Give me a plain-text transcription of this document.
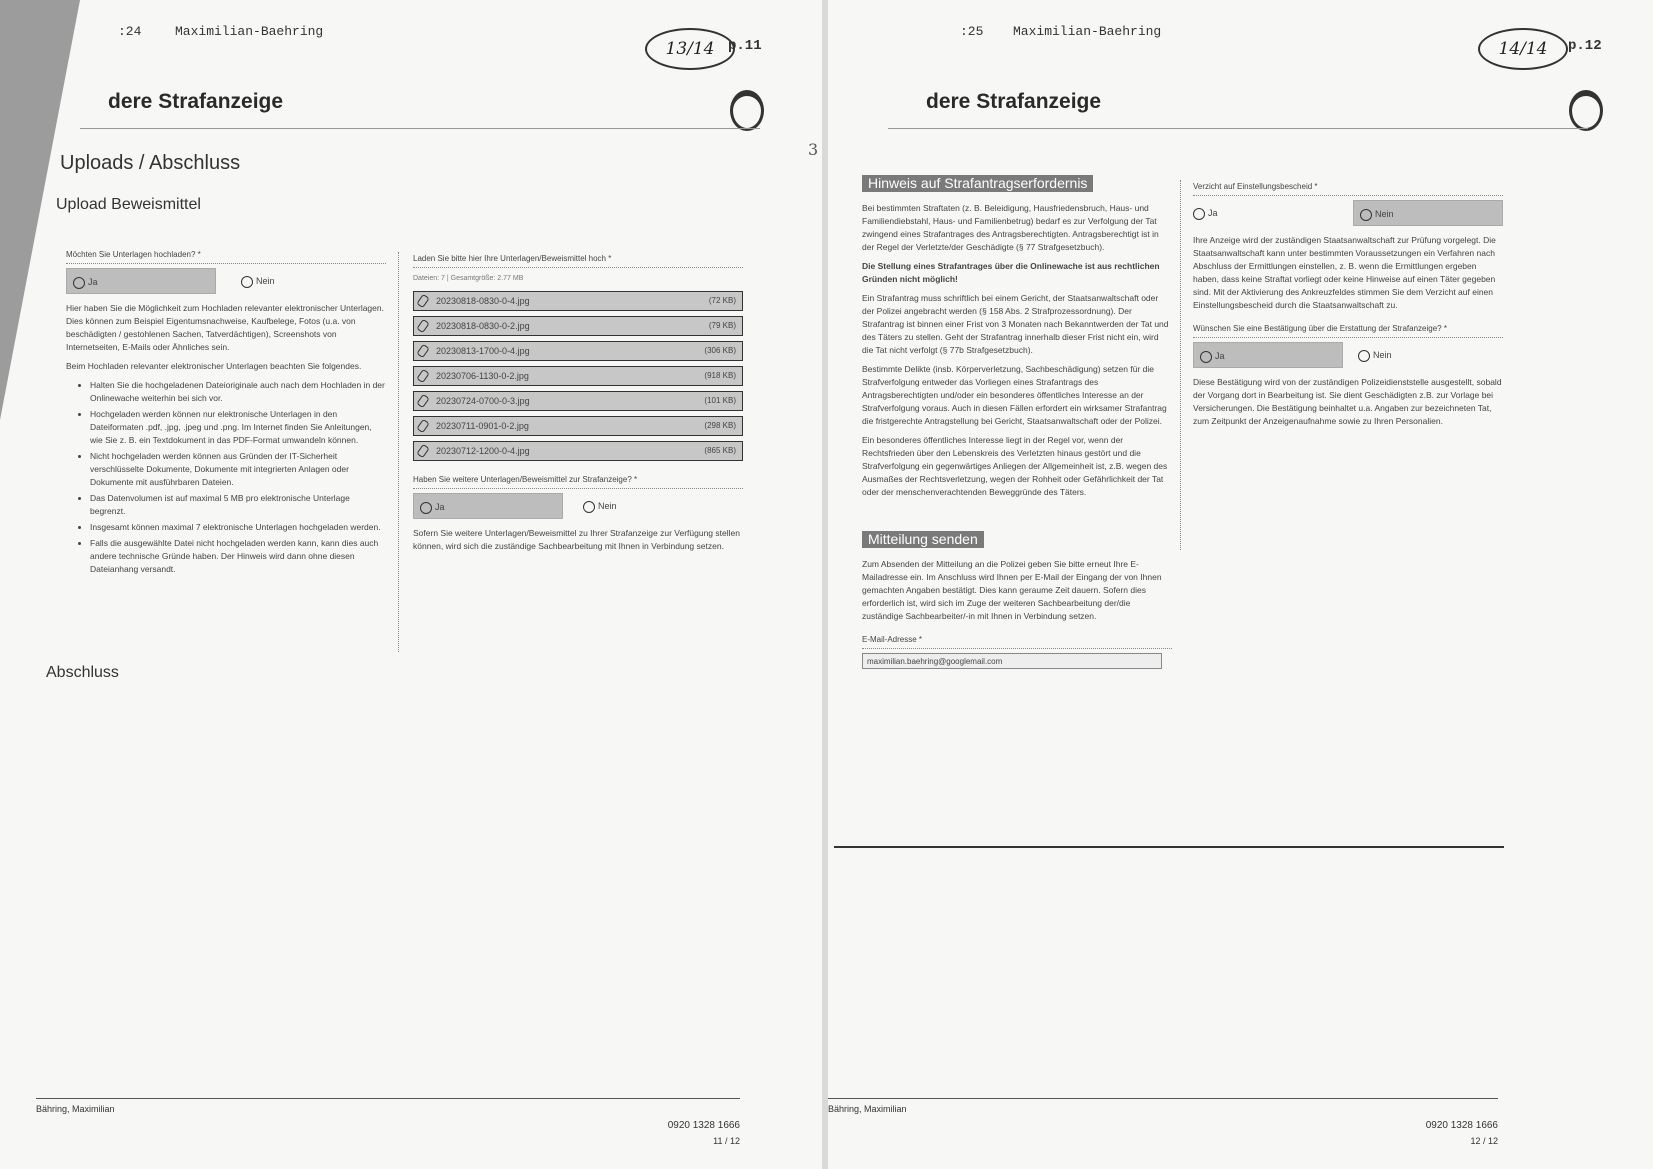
:24	Maximilian-Baehring
13/14 p.11
dere Strafanzeige
Uploads / Abschluss
Upload Beweismittel
Möchten Sie Unterlagen hochladen? *
Ja	Nein

Hier haben Sie die Möglichkeit zum Hochladen relevanter elektronischer Unterlagen. Dies können zum Beispiel Eigentumsnachweise, Kaufbelege, Fotos (u.a. von beschädigten / gestohlenen Sachen, Tatverdächtigen), Screenshots von Internetseiten, E-Mails oder Ähnliches sein.

Beim Hochladen relevanter elektronischer Unterlagen beachten Sie folgendes.

• Halten Sie die hochgeladenen Dateioriginale auch nach dem Hochladen in der Onlinewache weiterhin bei sich vor.
• Hochgeladen werden können nur elektronische Unterlagen in den Dateiformaten .pdf, .jpg, .jpeg und .png. Im Internet finden Sie Anleitungen, wie Sie z. B. ein Textdokument in das PDF-Format umwandeln können.
• Nicht hochgeladen werden können aus Gründen der IT-Sicherheit verschlüsselte Dokumente, Dokumente mit integrierten Anlagen oder Dokumente mit ausführbaren Dateien.
• Das Datenvolumen ist auf maximal 5 MB pro elektronische Unterlage begrenzt.
• Insgesamt können maximal 7 elektronische Unterlagen hochgeladen werden.
• Falls die ausgewählte Datei nicht hochgeladen werden kann, kann dies auch andere technische Gründe haben. Der Hinweis wird dann ohne diesen Dateianhang versandt.
Laden Sie bitte hier Ihre Unterlagen/Beweismittel hoch *
Dateien: 7 | Gesamtgröße: 2.77 MB
20230818-0830-0-4.jpg	(72 KB)
20230818-0830-0-2.jpg	(79 KB)
20230813-1700-0-4.jpg	(306 KB)
20230706-1130-0-2.jpg	(918 KB)
20230724-0700-0-3.jpg	(101 KB)
20230711-0901-0-2.jpg	(298 KB)
20230712-1200-0-4.jpg	(865 KB)
Haben Sie weitere Unterlagen/Beweismittel zur Strafanzeige? *
Ja	Nein

Sofern Sie weitere Unterlagen/Beweismittel zu Ihrer Strafanzeige zur Verfügung stellen können, wird sich die zuständige Sachbearbeitung mit Ihnen in Verbindung setzen.

Abschluss
Bähring, Maximilian
0920 1328 1666
11 / 12
3
:25 Maximilian-Baehring
14/14	p.12
dere Strafanzeige
Hinweis auf Strafantragserfordernis

Bei bestimmten Straftaten (z. B. Beleidigung, Hausfriedensbruch, Haus- und Familiendiebstahl, Haus- und Familienbetrug) bedarf es zur Verfolgung der Tat zwingend eines Strafantrages des Antragsberechtigten. Antragsberechtigt ist in der Regel der Verletzte/der Geschädigte (§ 77 Strafgesetzbuch).

Die Stellung eines Strafantrages über die Onlinewache ist aus rechtlichen Gründen nicht möglich!

Ein Strafantrag muss schriftlich bei einem Gericht, der Staatsanwaltschaft oder der Polizei angebracht werden (§ 158 Abs. 2 Strafprozessordnung). Der Strafantrag ist binnen einer Frist von 3 Monaten nach Bekanntwerden der Tat und des Täters zu stellen. Geht der Strafantrag innerhalb dieser Frist nicht ein, wird die Tat nicht verfolgt (§ 77b Strafgesetzbuch).

Bestimmte Delikte (insb. Körperverletzung, Sachbeschädigung) setzen für die Strafverfolgung entweder das Vorliegen eines Strafantrags des Antragsberechtigten und/oder ein besonderes öffentliches Interesse an der Strafverfolgung voraus. Auch in diesen Fällen erfordert ein wirksamer Strafantrag die fristgerechte Antragstellung bei Gericht, Staatsanwaltschaft oder der Polizei.

Ein besonderes öffentliches Interesse liegt in der Regel vor, wenn der Rechtsfrieden über den Lebenskreis des Verletzten hinaus gestört und die Strafverfolgung ein gegenwärtiges Anliegen der Allgemeinheit ist, z.B. wegen des Ausmaßes der Rechtsverletzung, wegen der Rohheit oder Gefährlichkeit der Tat oder der menschenverachtenden Beweggründe des Täters.

Mitteilung senden

Zum Absenden der Mitteilung an die Polizei geben Sie bitte erneut Ihre E-Mailadresse ein. Im Anschluss wird Ihnen per E-Mail der Eingang der von Ihnen gemachten Angaben bestätigt. Dies kann geraume Zeit dauern. Sofern dies erforderlich ist, wird sich im Zuge der weiteren Sachbearbeitung der/die zuständige Sachbearbeiter/-in mit Ihnen in Verbindung setzen.

E-Mail-Adresse *
maximilian.baehring@googlemail.com
Verzicht auf Einstellungsbescheid *
Ja	Nein

Ihre Anzeige wird der zuständigen Staatsanwaltschaft zur Prüfung vorgelegt. Die Staatsanwaltschaft kann unter bestimmten Voraussetzungen ein Verfahren nach Abschluss der Ermittlungen einstellen, z. B. wenn die Ermittlungen ergeben haben, dass keine Straftat vorliegt oder keine Hinweise auf einen Täter gegeben sind. Mit der Aktivierung des Ankreuzfeldes stimmen Sie dem Verzicht auf einen Einstellungsbescheid durch die Staatsanwaltschaft zu.

Wünschen Sie eine Bestätigung über die Erstattung der Strafanzeige? *
Ja	Nein

Diese Bestätigung wird von der zuständigen Polizeidienststelle ausgestellt, sobald der Vorgang dort in Bearbeitung ist. Sie dient Geschädigten z.B. zur Vorlage bei Versicherungen. Die Bestätigung beinhaltet u.a. Angaben zur bezeichneten Tat, zum Zeitpunkt der Anzeigenaufnahme sowie zu Ihren Personalien.

Bähring, Maximilian
0920 1328 1666
12 / 12
